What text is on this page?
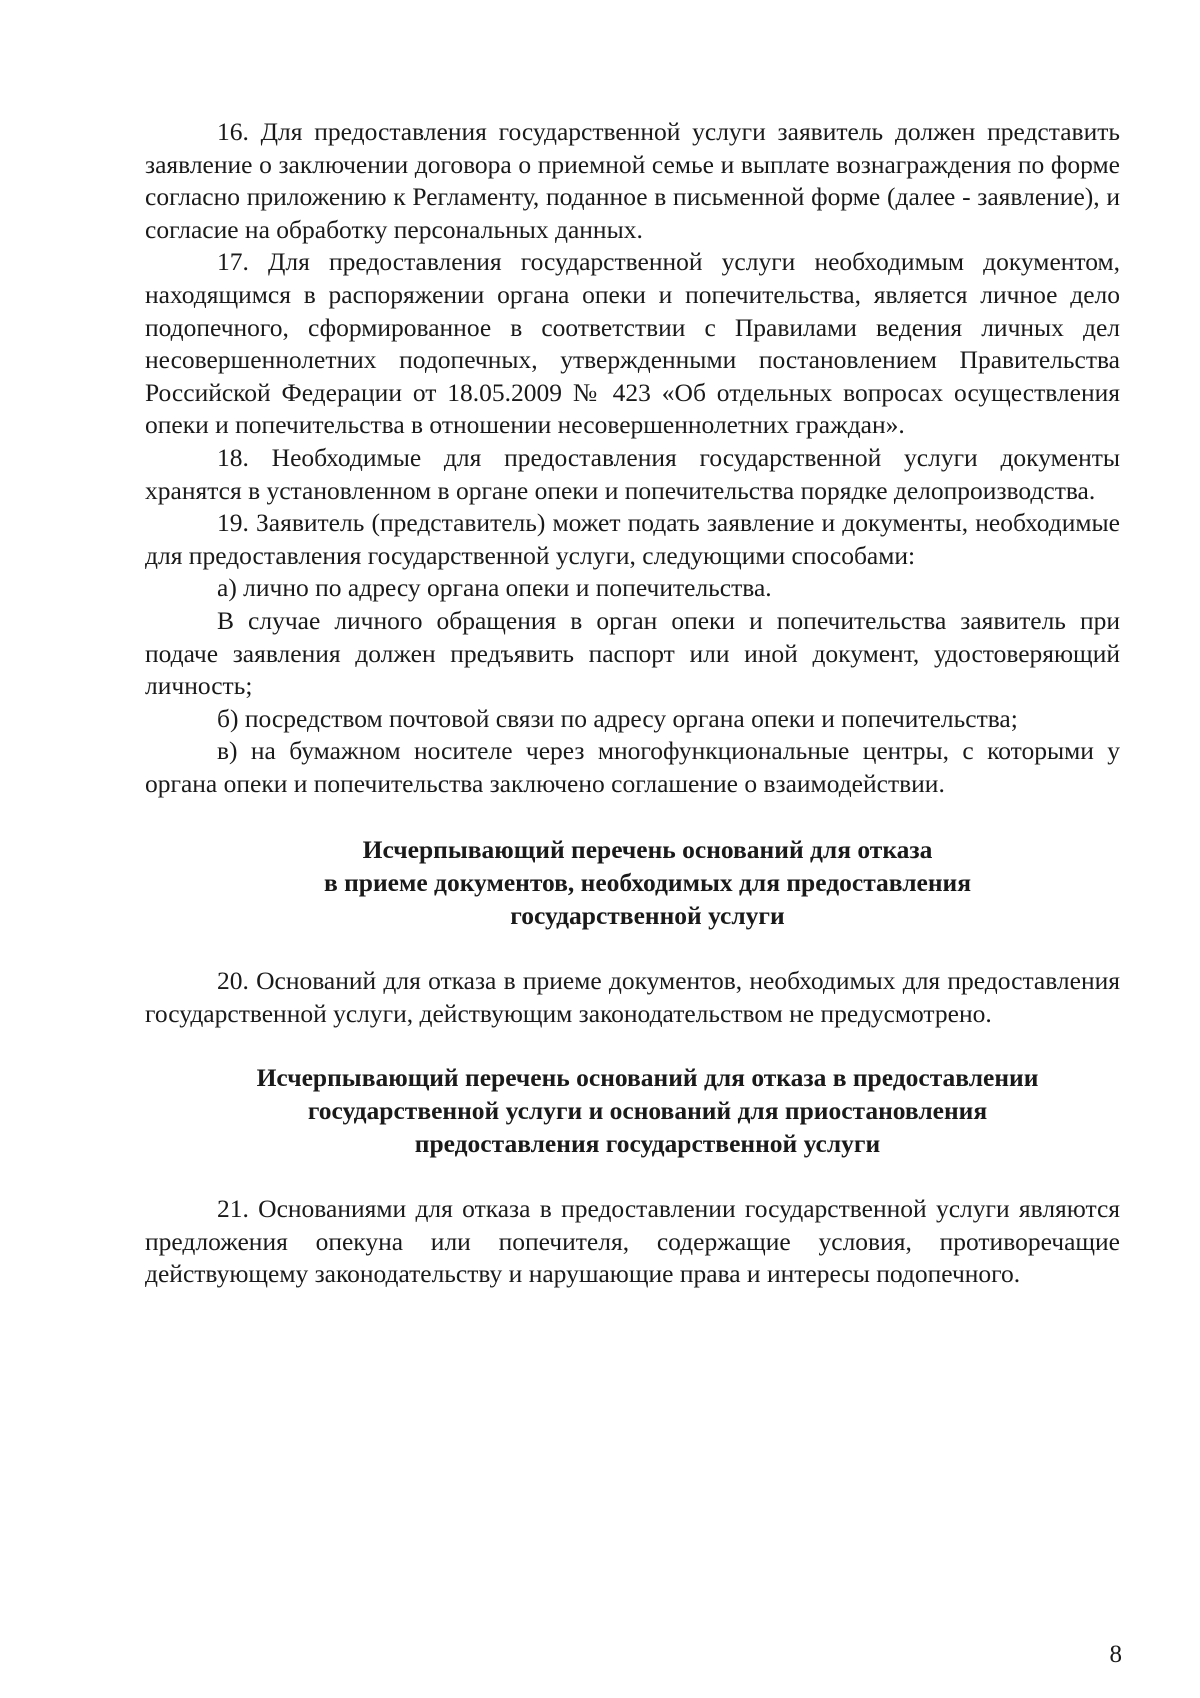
16. Для предоставления государственной услуги заявитель должен представить заявление о заключении договора о приемной семье и выплате вознаграждения по форме согласно приложению к Регламенту, поданное в письменной форме (далее - заявление), и согласие на обработку персональных данных.

17. Для предоставления государственной услуги необходимым документом, находящимся в распоряжении органа опеки и попечительства, является личное дело подопечного, сформированное в соответствии с Правилами ведения личных дел несовершеннолетних подопечных, утвержденными постановлением Правительства Российской Федерации от 18.05.2009 № 423 «Об отдельных вопросах осуществления опеки и попечительства в отношении несовершеннолетних граждан».

18. Необходимые для предоставления государственной услуги документы хранятся в установленном в органе опеки и попечительства порядке делопроизводства.

19. Заявитель (представитель) может подать заявление и документы, необходимые для предоставления государственной услуги, следующими способами:

а) лично по адресу органа опеки и попечительства.

В случае личного обращения в орган опеки и попечительства заявитель при подаче заявления должен предъявить паспорт или иной документ, удостоверяющий личность;

б) посредством почтовой связи по адресу органа опеки и попечительства;

в) на бумажном носителе через многофункциональные центры, с которыми у органа опеки и попечительства заключено соглашение о взаимодействии.

Исчерпывающий перечень оснований для отказа
в приеме документов, необходимых для предоставления
государственной услуги

20. Оснований для отказа в приеме документов, необходимых для предоставления государственной услуги, действующим законодательством не предусмотрено.

Исчерпывающий перечень оснований для отказа в предоставлении
государственной услуги и оснований для приостановления
предоставления государственной услуги

21. Основаниями для отказа в предоставлении государственной услуги являются предложения опекуна или попечителя, содержащие условия, противоречащие действующему законодательству и нарушающие права и интересы подопечного.

8
